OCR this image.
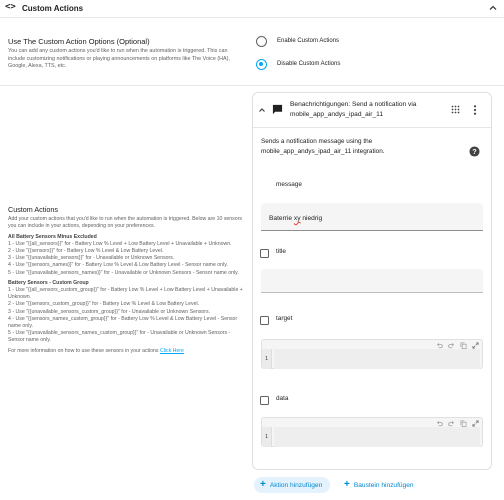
<> Custom Actions
Use The Custom Action Options (Optional)
You can add any custom actions you'd like to run when the automation is triggered. This can include customizing notifications or playing announcements on platforms like The Voice (HA), Google, Alexa, TTS, etc.
Enable Custom Actions
Disable Custom Actions
Custom Actions
Add your custom actions that you'd like to run when the automation is triggered. Below are 10 sensors you can include in your actions, depending on your preferences.
All Battery Sensors Minus Excluded
1 - Use "{{all_sensors}}" for - Battery Low % Level + Low Battery Level + Unavailable + Unknown.
2 - Use "{{sensors}}" for - Battery Low % Level & Low Battery Level.
3 - Use "{{unavailable_sensors}}" for - Unavailable or Unknown Sensors.
4 - Use "{{sensors_names}}" for - Battery Low % Level & Low Battery Level - Sensor name only.
5 - Use "{{unavailable_sensors_names}}" for - Unavailable or Unknown Sensors - Sensor name only.
Battery Sensors - Custom Group
1 - Use "{{all_sensors_custom_group}}" for - Battery Low % Level + Low Battery Level + Unavailable + Unknown.
2 - Use "{{sensors_custom_group}}" for - Battery Low % Level & Low Battery Level.
3 - Use "{{unavailable_sensors_custom_group}}" for - Unavailable or Unknown Sensors.
4 - Use "{{sensors_names_custom_group}}" for - Battery Low % Level & Low Battery Level - Sensor name only.
5 - Use "{{unavailable_sensors_names_custom_group}}" for - Unavailable or Unknown Sensors - Sensor name only.
For more information on how to use these sensors in your actions Click Here
Benachrichtigungen: Send a notification via mobile_app_andys_ipad_air_11
Sends a notification message using the mobile_app_andys_ipad_air_11 integration.	?
message
Baterrie xy niedrig
title
target
1
data
1
+ Aktion hinzufügen + Baustein hinzufügen
